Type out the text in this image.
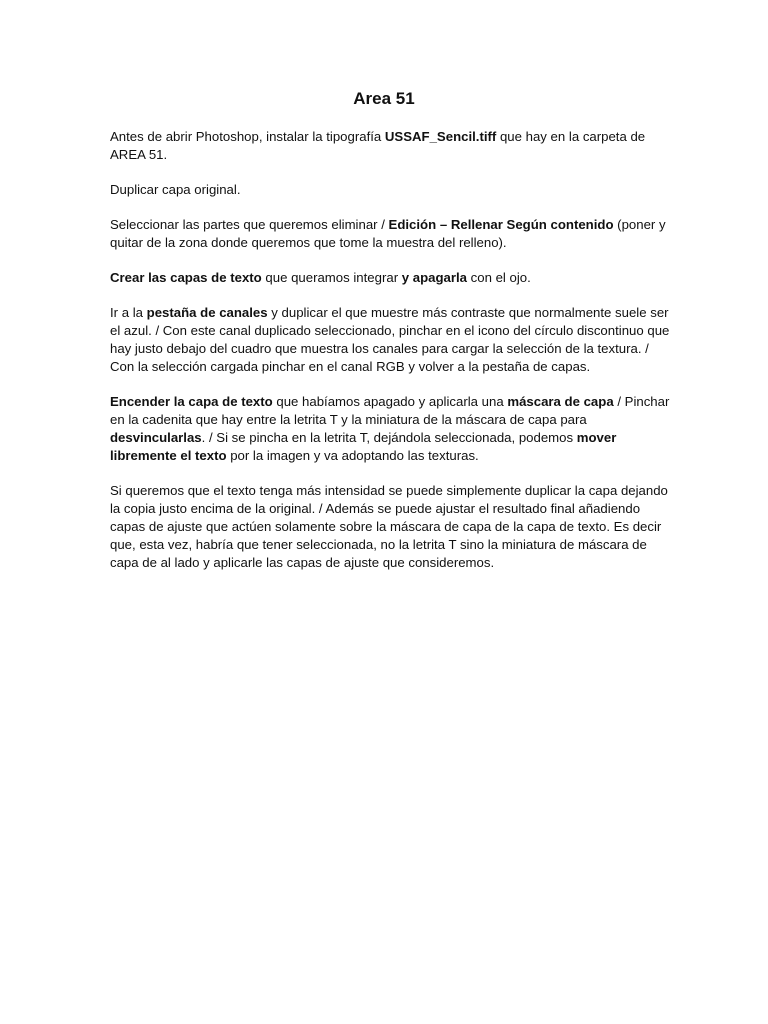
Area 51

Antes de abrir Photoshop, instalar la tipografía USSAF_Sencil.tiff que hay en la carpeta de AREA 51.

Duplicar capa original.

Seleccionar las partes que queremos eliminar / Edición – Rellenar Según contenido (poner y quitar de la zona donde queremos que tome la muestra del relleno).

Crear las capas de texto que queramos integrar y apagarla con el ojo.

Ir a la pestaña de canales y duplicar el que muestre más contraste que normalmente suele ser el azul. / Con este canal duplicado seleccionado, pinchar en el icono del círculo discontinuo que hay justo debajo del cuadro que muestra los canales para cargar la selección de la textura. / Con la selección cargada pinchar en el canal RGB y volver a la pestaña de capas.

Encender la capa de texto que habíamos apagado y aplicarla una máscara de capa / Pinchar en la cadenita que hay entre la letrita T y la miniatura de la máscara de capa para desvincularlas. / Si se pincha en la letrita T, dejándola seleccionada, podemos mover libremente el texto por la imagen y va adoptando las texturas.

Si queremos que el texto tenga más intensidad se puede simplemente duplicar la capa dejando la copia justo encima de la original. / Además se puede ajustar el resultado final añadiendo capas de ajuste que actúen solamente sobre la máscara de capa de la capa de texto. Es decir que, esta vez, habría que tener seleccionada, no la letrita T sino la miniatura de máscara de capa de al lado y aplicarle las capas de ajuste que consideremos.
